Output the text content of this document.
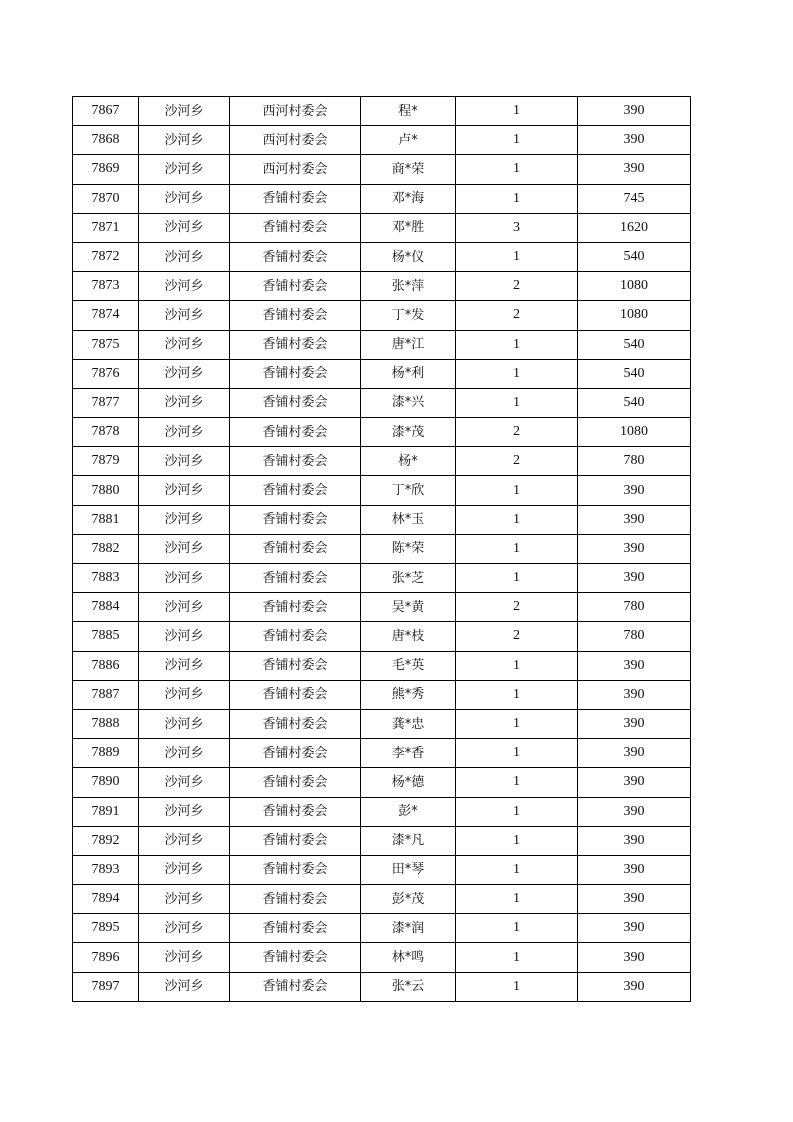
7867	沙河乡	西河村委会	程*	1	390
7868	沙河乡	西河村委会	卢*	1	390
7869	沙河乡	西河村委会	商*荣	1	390
7870	沙河乡	香铺村委会	邓*海	1	745
7871	沙河乡	香铺村委会	邓*胜	3	1620
7872	沙河乡	香铺村委会	杨*仪	1	540
7873	沙河乡	香铺村委会	张*萍	2	1080
7874	沙河乡	香铺村委会	丁*发	2	1080
7875	沙河乡	香铺村委会	唐*江	1	540
7876	沙河乡	香铺村委会	杨*利	1	540
7877	沙河乡	香铺村委会	漆*兴	1	540
7878	沙河乡	香铺村委会	漆*茂	2	1080
7879	沙河乡	香铺村委会	杨*	2	780
7880	沙河乡	香铺村委会	丁*欣	1	390
7881	沙河乡	香铺村委会	林*玉	1	390
7882	沙河乡	香铺村委会	陈*荣	1	390
7883	沙河乡	香铺村委会	张*芝	1	390
7884	沙河乡	香铺村委会	吴*黄	2	780
7885	沙河乡	香铺村委会	唐*枝	2	780
7886	沙河乡	香铺村委会	毛*英	1	390
7887	沙河乡	香铺村委会	熊*秀	1	390
7888	沙河乡	香铺村委会	龚*忠	1	390
7889	沙河乡	香铺村委会	李*香	1	390
7890	沙河乡	香铺村委会	杨*德	1	390
7891	沙河乡	香铺村委会	彭*	1	390
7892	沙河乡	香铺村委会	漆*凡	1	390
7893	沙河乡	香铺村委会	田*琴	1	390
7894	沙河乡	香铺村委会	彭*茂	1	390
7895	沙河乡	香铺村委会	漆*润	1	390
7896	沙河乡	香铺村委会	林*鸣	1	390
7897	沙河乡	香铺村委会	张*云	1	390
